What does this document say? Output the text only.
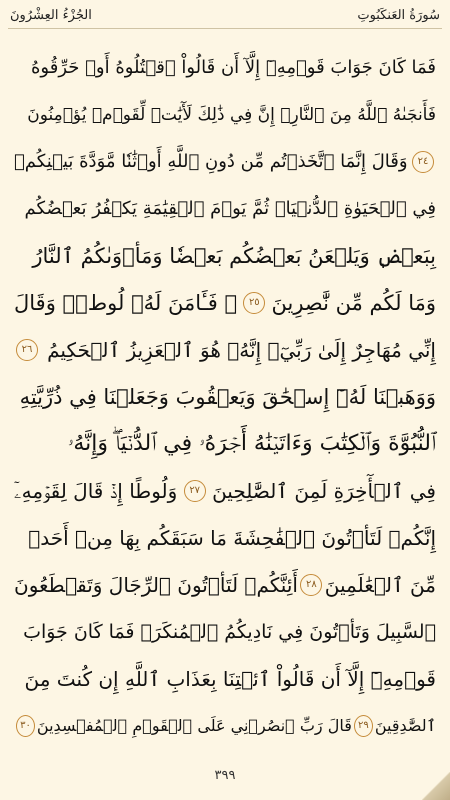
الجُزْءُ العِشْرُونَ	سُورَةُ العَنكَبُوتِ
فَمَا كَانَ جَوَابَ قَوۡمِهِۦٓ إِلَّآ أَن قَالُواْ ٱقۡتُلُوهُ أَوۡ حَرِّقُوهُ
فَأَنجَىٰهُ ٱللَّهُ مِنَ ٱلنَّارِۚ إِنَّ فِي ذَٰلِكَ لَأٓيَٰتٖ لِّقَوۡمٖ يُؤۡمِنُونَ
٢٤
وَقَالَ إِنَّمَا ٱتَّخَذۡتُم مِّن دُونِ ٱللَّهِ أَوۡثَٰنٗا مَّوَدَّةَ بَيۡنِكُمۡ
فِي ٱلۡحَيَوٰةِ ٱلدُّنۡيَاۖ ثُمَّ يَوۡمَ ٱلۡقِيَٰمَةِ يَكۡفُرُ بَعۡضُكُم
بِبَعۡضٖ وَيَلۡعَنُ بَعۡضُكُم بَعۡضٗا وَمَأۡوَىٰكُمُ ٱلنَّارُ
وَمَا لَكُم مِّن نَّٰصِرِينَ
٢٥
۞ فَـَٔامَنَ لَهُۥ لُوطٞۘ وَقَالَ
إِنِّي مُهَاجِرٌ إِلَىٰ رَبِّيٓۖ إِنَّهُۥ هُوَ ٱلۡعَزِيزُ ٱلۡحَكِيمُ
٢٦
وَوَهَبۡنَا لَهُۥٓ إِسۡحَٰقَ وَيَعۡقُوبَ وَجَعَلۡنَا فِي ذُرِّيَّتِهِ
ٱلنُّبُوَّةَ وَٱلۡكِتَٰبَ وَءَاتَيۡنَٰهُ أَجۡرَهُۥ فِي ٱلدُّنۡيَاۖ وَإِنَّهُۥ
فِي ٱلۡأٓخِرَةِ لَمِنَ ٱلصَّٰلِحِينَ
٢٧
وَلُوطًا إِذۡ قَالَ لِقَوۡمِهِۦٓ
إِنَّكُمۡ لَتَأۡتُونَ ٱلۡفَٰحِشَةَ مَا سَبَقَكُم بِهَا مِنۡ أَحَدٖ
مِّنَ ٱلۡعَٰلَمِينَ
٢٨
أَئِنَّكُمۡ لَتَأۡتُونَ ٱلرِّجَالَ وَتَقۡطَعُونَ
ٱلسَّبِيلَ وَتَأۡتُونَ فِي نَادِيكُمُ ٱلۡمُنكَرَۖ فَمَا كَانَ جَوَابَ
قَوۡمِهِۦٓ إِلَّآ أَن قَالُواْ ٱئۡتِنَا بِعَذَابِ ٱللَّهِ إِن كُنتَ مِنَ
ٱلصَّٰدِقِينَ
٢٩
قَالَ رَبِّ ٱنصُرۡنِي عَلَى ٱلۡقَوۡمِ ٱلۡمُفۡسِدِينَ
٣٠
٣٩٩
